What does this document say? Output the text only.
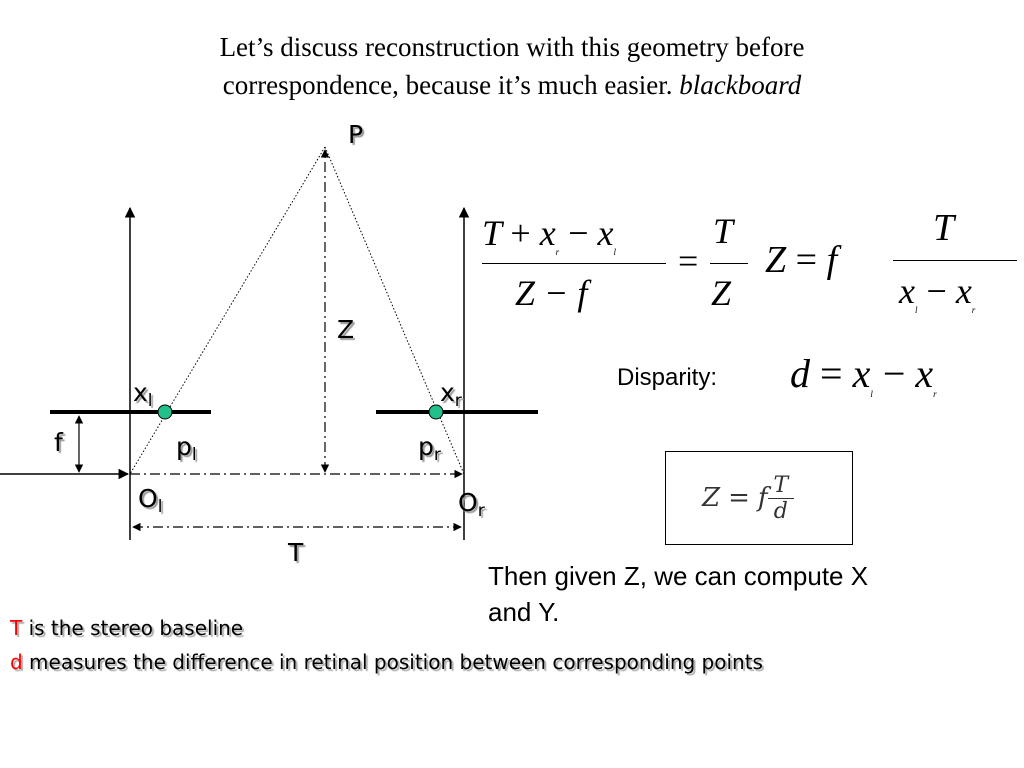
Let’s discuss reconstruction with this geometry before
correspondence, because it’s much easier. blackboard
P
Z
f
T
$x_l$	$x_r$
$p_l$	$p_r$
$O_l$	$O_r$
$T + x_r - x_l$
Z − f
=
T
Z
Z = f
T
$x_l - x_r$
Disparity: $d = x_l - x_r$
Z = f $\frac{T}{d}$
Then given Z, we can compute X
and Y.
T is the stereo baseline
d measures the difference in retinal position between corresponding points
